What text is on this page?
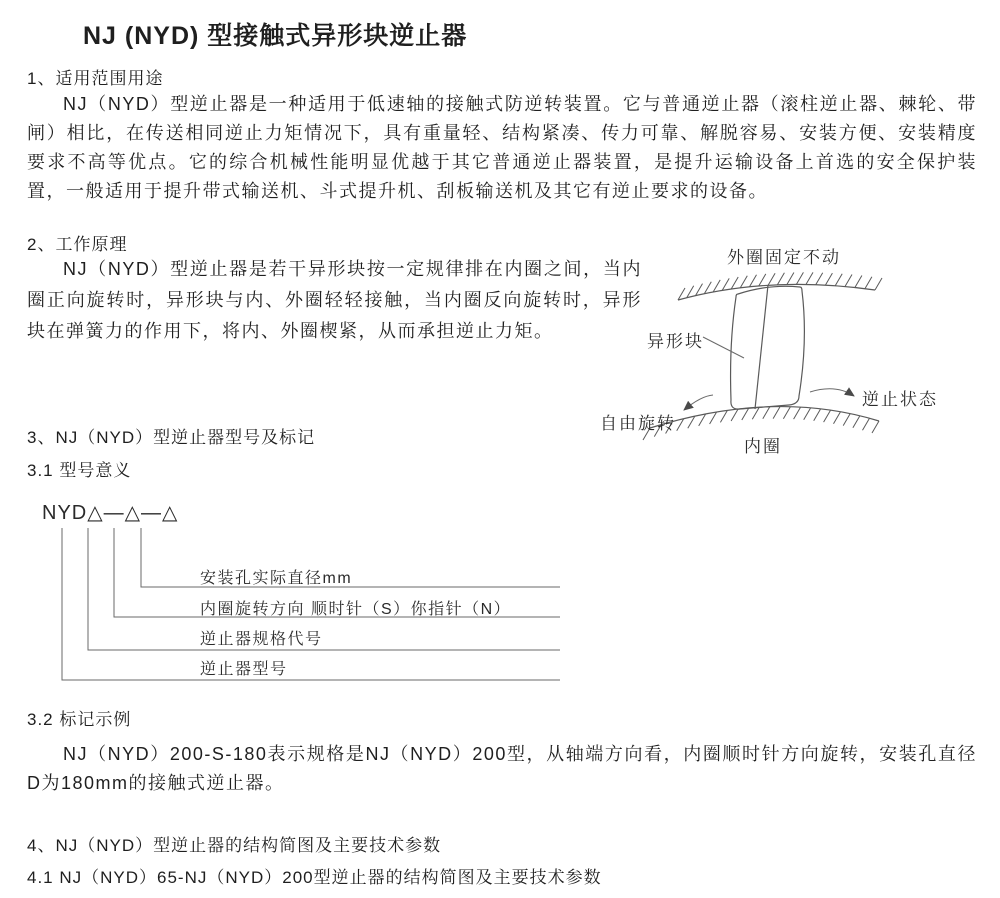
NJ (NYD) 型接触式异形块逆止器
1、适用范围用途
NJ（NYD）型逆止器是一种适用于低速轴的接触式防逆转装置。它与普通逆止器（滚柱逆止器、棘轮、带闸）相比，在传送相同逆止力矩情况下，具有重量轻、结构紧凑、传力可靠、解脱容易、安装方便、安装精度要求不高等优点。它的综合机械性能明显优越于其它普通逆止器装置，是提升运输设备上首选的安全保护装置，一般适用于提升带式输送机、斗式提升机、刮板输送机及其它有逆止要求的设备。
2、工作原理
NJ（NYD）型逆止器是若干异形块按一定规律排在内圈之间，当内圈正向旋转时，异形块与内、外圈轻轻接触，当内圈反向旋转时，异形块在弹簧力的作用下，将内、外圈楔紧，从而承担逆止力矩。
外圈固定不动
异形块
自由旋转
逆止状态
内圈
3、NJ（NYD）型逆止器型号及标记
3.1 型号意义
NYD△—△—△
安装孔实际直径mm
内圈旋转方向 顺时针（S）你指针（N）
逆止器规格代号
逆止器型号
3.2 标记示例
NJ（NYD）200-S-180表示规格是NJ（NYD）200型，从轴端方向看，内圈顺时针方向旋转，安装孔直径D为180mm的接触式逆止器。
4、NJ（NYD）型逆止器的结构简图及主要技术参数
4.1 NJ（NYD）65-NJ（NYD）200型逆止器的结构简图及主要技术参数
